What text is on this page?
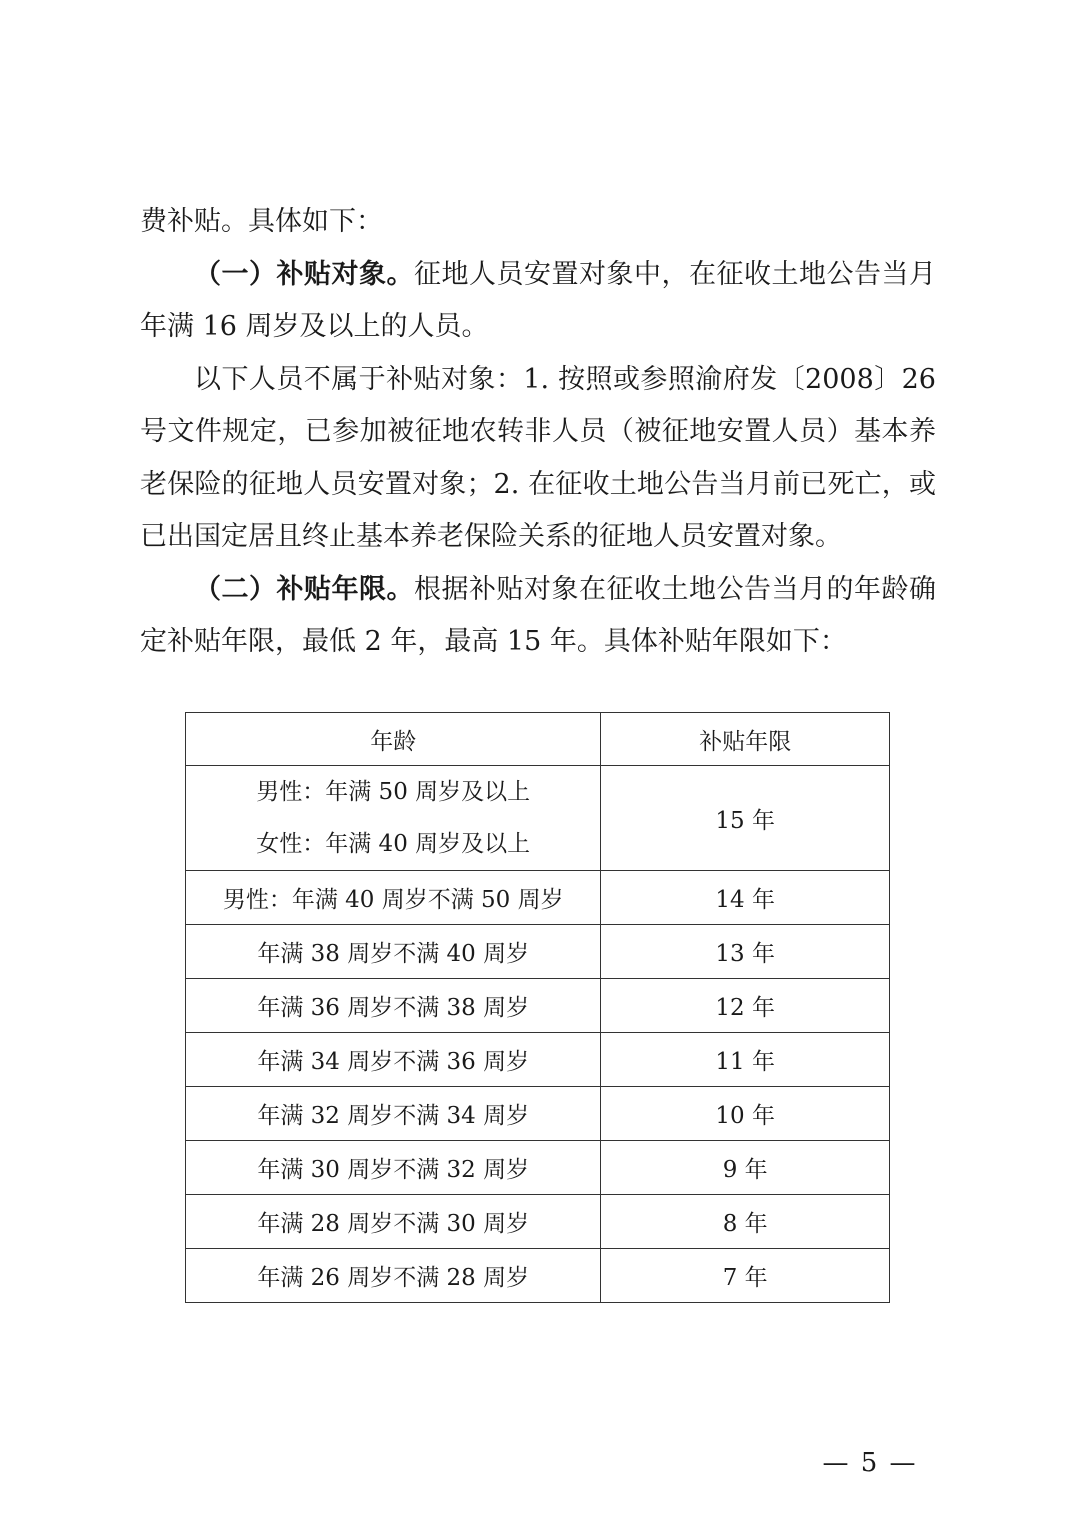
费补贴。具体如下：

（一）补贴对象。征地人员安置对象中，在征收土地公告当月年满 16 周岁及以上的人员。

以下人员不属于补贴对象：1. 按照或参照渝府发〔2008〕26 号文件规定，已参加被征地农转非人员（被征地安置人员）基本养老保险的征地人员安置对象；2. 在征收土地公告当月前已死亡，或已出国定居且终止基本养老保险关系的征地人员安置对象。

（二）补贴年限。根据补贴对象在征收土地公告当月的年龄确定补贴年限，最低 2 年，最高 15 年。具体补贴年限如下：

年龄	补贴年限

男性：年满 50 周岁及以上
女性：年满 40 周岁及以上	15 年
男性：年满 40 周岁不满 50 周岁	14 年
年满 38 周岁不满 40 周岁	13 年
年满 36 周岁不满 38 周岁	12 年
年满 34 周岁不满 36 周岁	11 年
年满 32 周岁不满 34 周岁	10 年
年满 30 周岁不满 32 周岁	9 年
年满 28 周岁不满 30 周岁	8 年
年满 26 周岁不满 28 周岁	7 年
— 5 —
